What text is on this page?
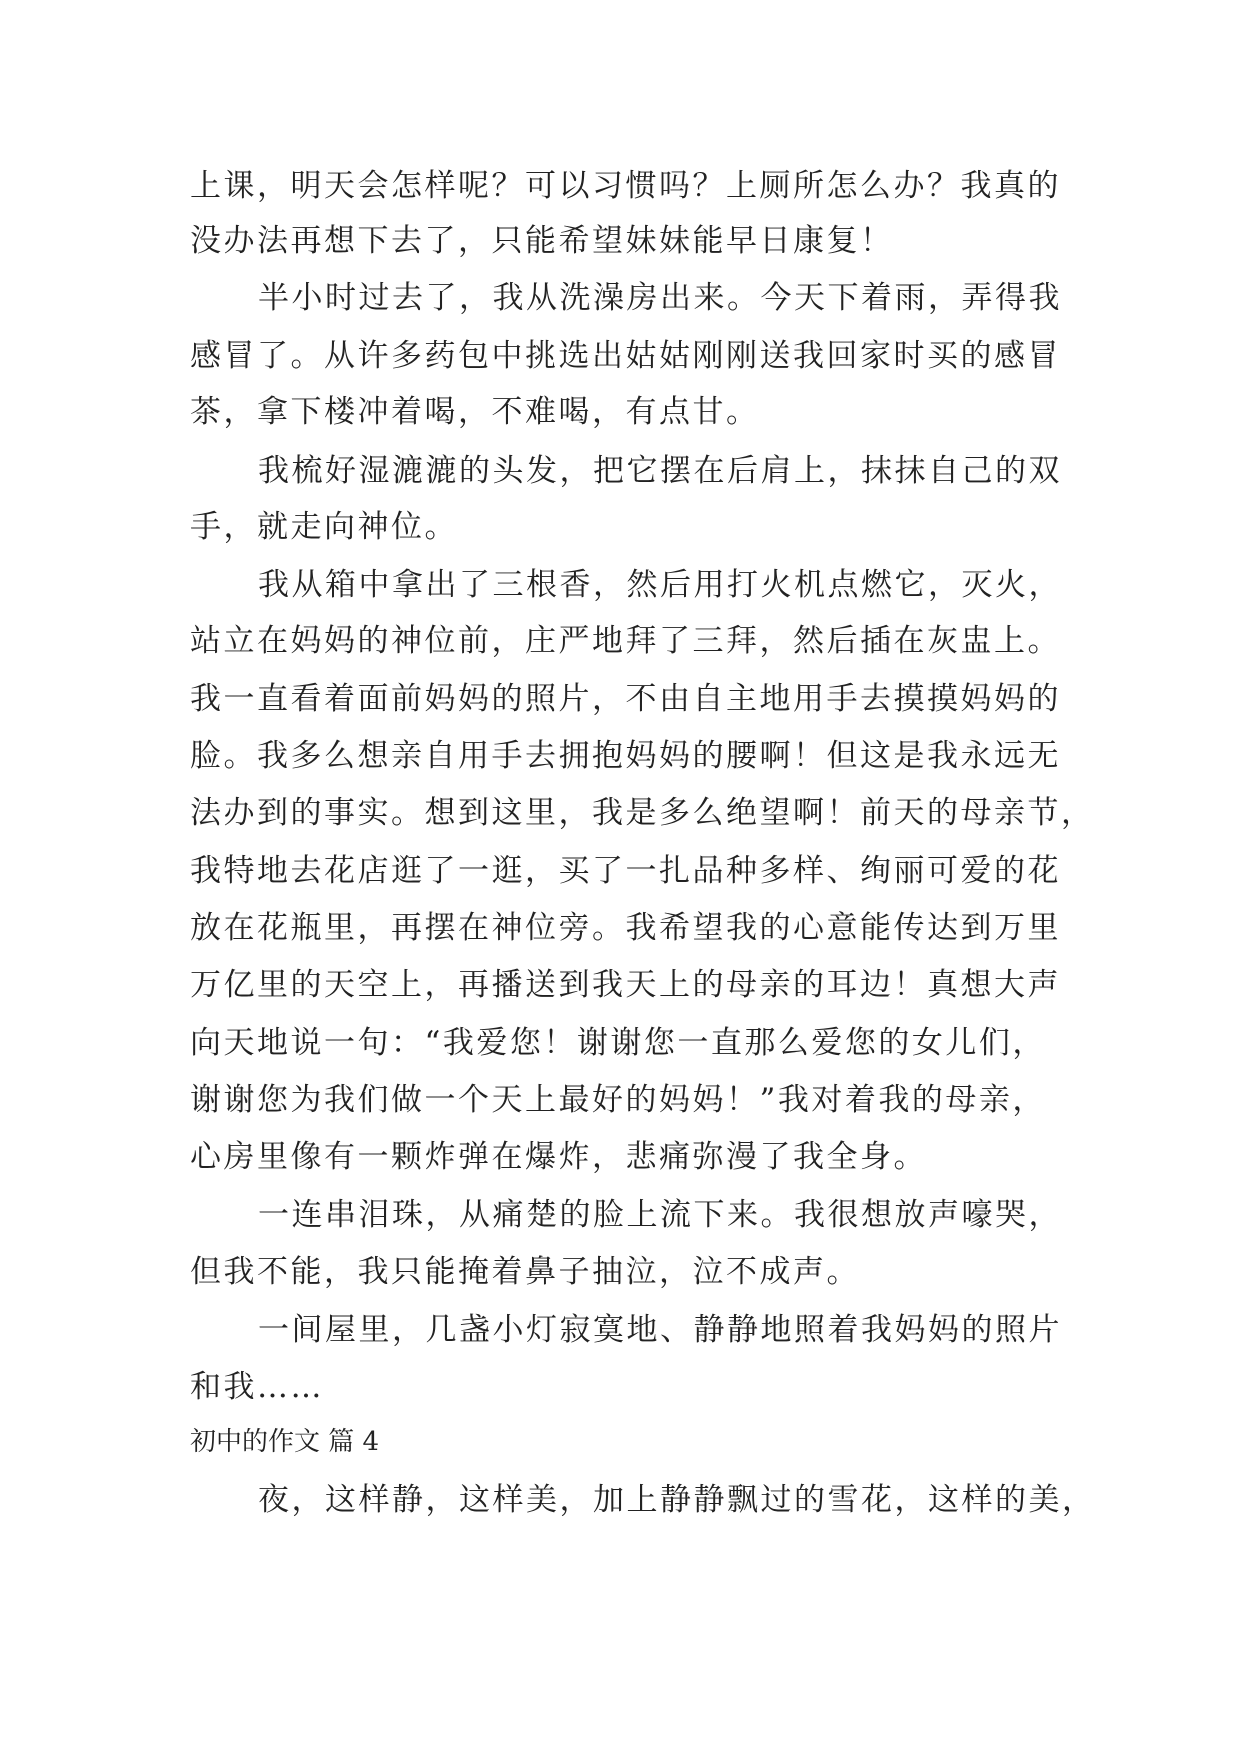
上课，明天会怎样呢？可以习惯吗？上厕所怎么办？我真的
没办法再想下去了，只能希望妹妹能早日康复！
半小时过去了，我从洗澡房出来。今天下着雨，弄得我
感冒了。从许多药包中挑选出姑姑刚刚送我回家时买的感冒
茶，拿下楼冲着喝，不难喝，有点甘。
我梳好湿漉漉的头发，把它摆在后肩上，抹抹自己的双
手，就走向神位。
我从箱中拿出了三根香，然后用打火机点燃它，灭火，
站立在妈妈的神位前，庄严地拜了三拜，然后插在灰盅上。
我一直看着面前妈妈的照片，不由自主地用手去摸摸妈妈的
脸。我多么想亲自用手去拥抱妈妈的腰啊！但这是我永远无
法办到的事实。想到这里，我是多么绝望啊！前天的母亲节，
我特地去花店逛了一逛，买了一扎品种多样、绚丽可爱的花
放在花瓶里，再摆在神位旁。我希望我的心意能传达到万里
万亿里的天空上，再播送到我天上的母亲的耳边！真想大声
向天地说一句：“我爱您！谢谢您一直那么爱您的女儿们，
谢谢您为我们做一个天上最好的妈妈！”我对着我的母亲，
心房里像有一颗炸弹在爆炸，悲痛弥漫了我全身。
一连串泪珠，从痛楚的脸上流下来。我很想放声嚎哭，
但我不能，我只能掩着鼻子抽泣，泣不成声。
一间屋里，几盏小灯寂寞地、静静地照着我妈妈的照片
和我……
初中的作文 篇 4
夜，这样静，这样美，加上静静飘过的雪花，这样的美，
